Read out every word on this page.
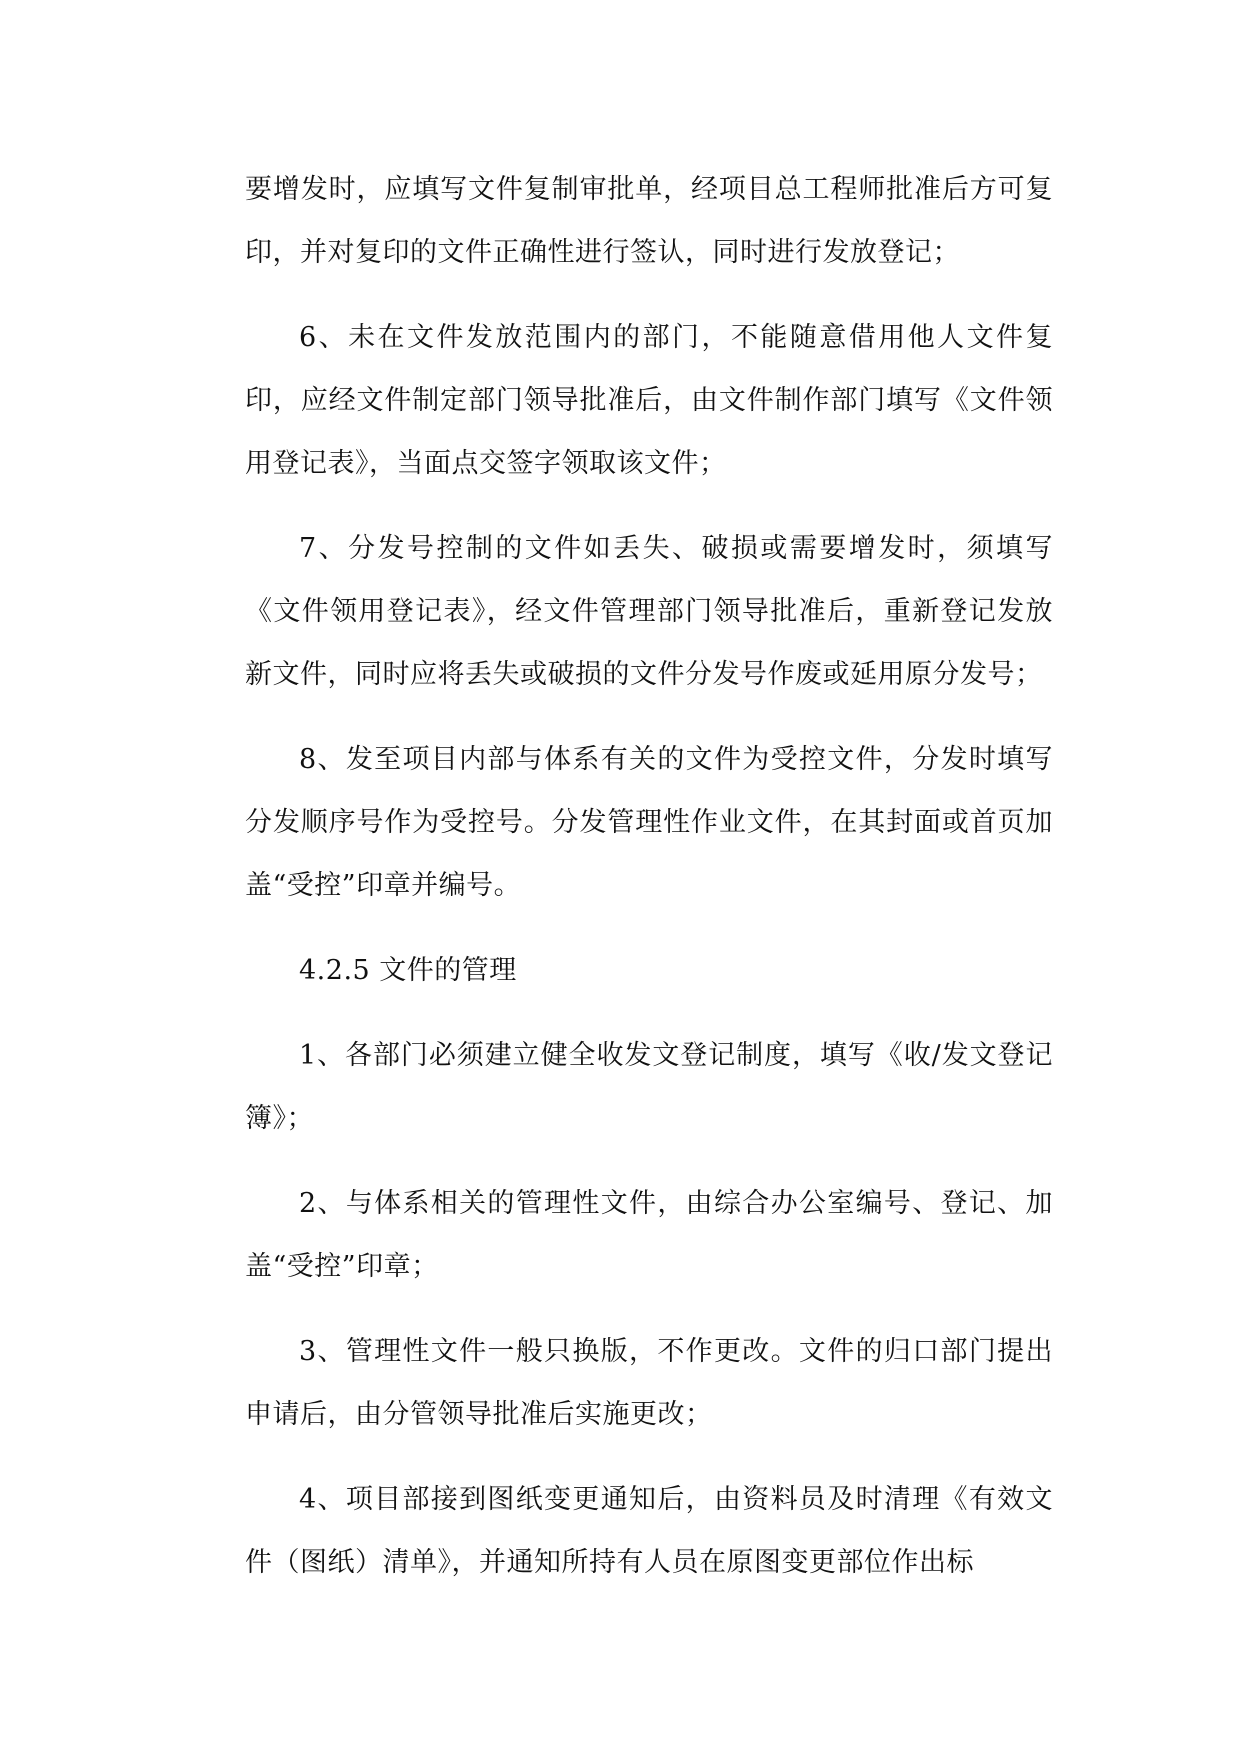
要增发时，应填写文件复制审批单，经项目总工程师批准后方可复印，并对复印的文件正确性进行签认，同时进行发放登记；

6、未在文件发放范围内的部门，不能随意借用他人文件复印，应经文件制定部门领导批准后，由文件制作部门填写《文件领用登记表》，当面点交签字领取该文件；

7、分发号控制的文件如丢失、破损或需要增发时，须填写《文件领用登记表》，经文件管理部门领导批准后，重新登记发放新文件，同时应将丢失或破损的文件分发号作废或延用原分发号；

8、发至项目内部与体系有关的文件为受控文件，分发时填写分发顺序号作为受控号。分发管理性作业文件，在其封面或首页加盖“受控”印章并编号。

4.2.5 文件的管理

1、各部门必须建立健全收发文登记制度，填写《收/发文登记簿》；

2、与体系相关的管理性文件，由综合办公室编号、登记、加盖“受控”印章；

3、管理性文件一般只换版，不作更改。文件的归口部门提出申请后，由分管领导批准后实施更改；

4、项目部接到图纸变更通知后，由资料员及时清理《有效文件（图纸）清单》，并通知所持有人员在原图变更部位作出标
